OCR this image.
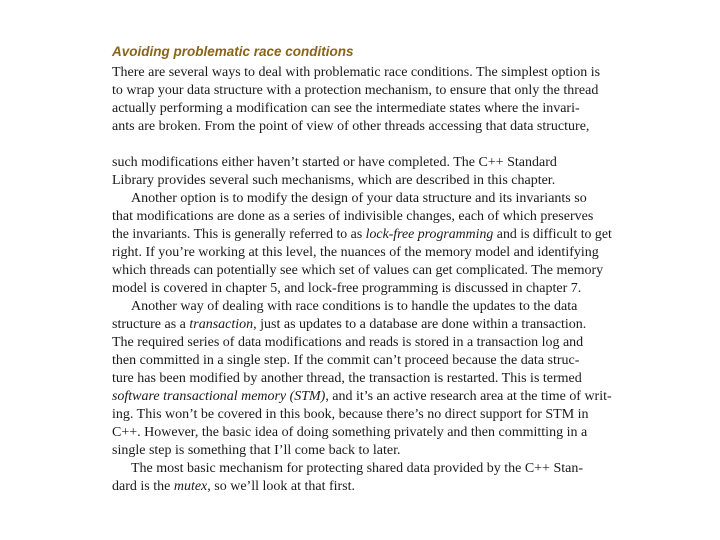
Avoiding problematic race conditions
There are several ways to deal with problematic race conditions. The simplest option is
to wrap your data structure with a protection mechanism, to ensure that only the thread
actually performing a modification can see the intermediate states where the invari-
ants are broken. From the point of view of other threads accessing that data structure,
such modifications either haven’t started or have completed. The C++ Standard
Library provides several such mechanisms, which are described in this chapter.
Another option is to modify the design of your data structure and its invariants so
that modifications are done as a series of indivisible changes, each of which preserves
the invariants. This is generally referred to as lock-free programming and is difficult to get
right. If you’re working at this level, the nuances of the memory model and identifying
which threads can potentially see which set of values can get complicated. The memory
model is covered in chapter 5, and lock-free programming is discussed in chapter 7.
Another way of dealing with race conditions is to handle the updates to the data
structure as a transaction, just as updates to a database are done within a transaction.
The required series of data modifications and reads is stored in a transaction log and
then committed in a single step. If the commit can’t proceed because the data struc-
ture has been modified by another thread, the transaction is restarted. This is termed
software transactional memory (STM), and it’s an active research area at the time of writ-
ing. This won’t be covered in this book, because there’s no direct support for STM in
C++. However, the basic idea of doing something privately and then committing in a
single step is something that I’ll come back to later.
The most basic mechanism for protecting shared data provided by the C++ Stan-
dard is the mutex, so we’ll look at that first.
